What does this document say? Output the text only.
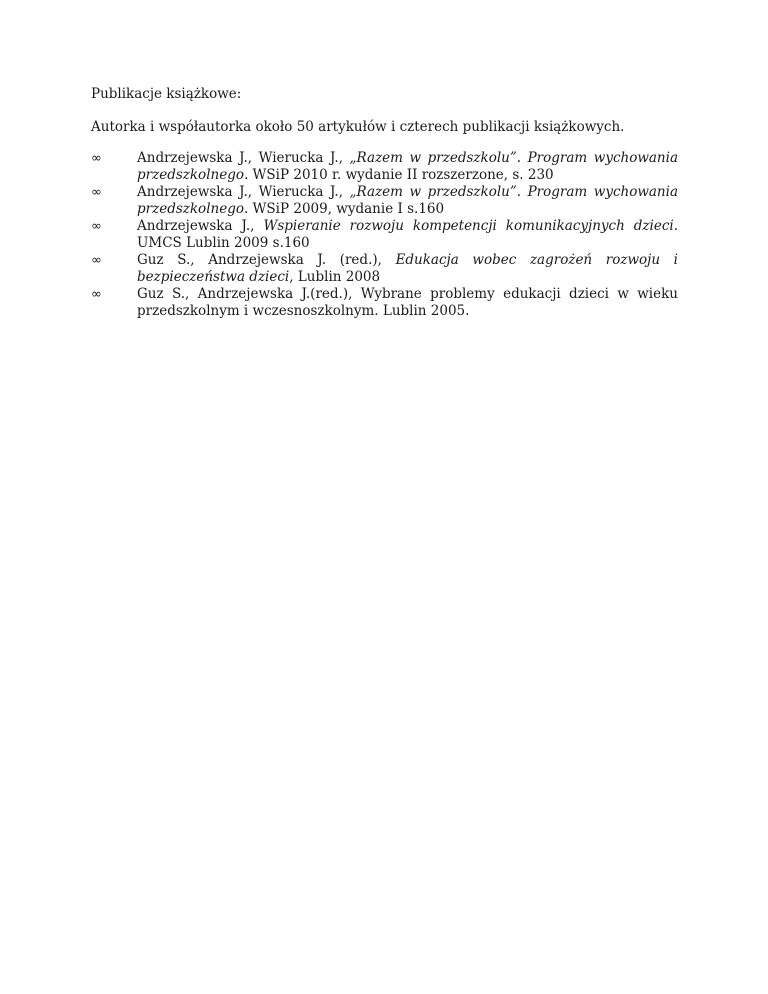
Publikacje książkowe:
Autorka i współautorka około 50 artykułów i czterech publikacji książkowych.
∞	Andrzejewska J., Wierucka J., „Razem w przedszkolu”. Program wychowania przedszkolnego. WSiP 2010 r. wydanie II rozszerzone, s. 230
∞	Andrzejewska J., Wierucka J., „Razem w przedszkolu”. Program wychowania przedszkolnego. WSiP 2009, wydanie I s.160
∞	Andrzejewska J., Wspieranie rozwoju kompetencji komunikacyjnych dzieci. UMCS Lublin 2009 s.160
∞	Guz S., Andrzejewska J. (red.), Edukacja wobec zagrożeń rozwoju i bezpieczeństwa dzieci, Lublin 2008
∞	Guz S., Andrzejewska J.(red.), Wybrane problemy edukacji dzieci w wieku przedszkolnym i wczesnoszkolnym. Lublin 2005.
